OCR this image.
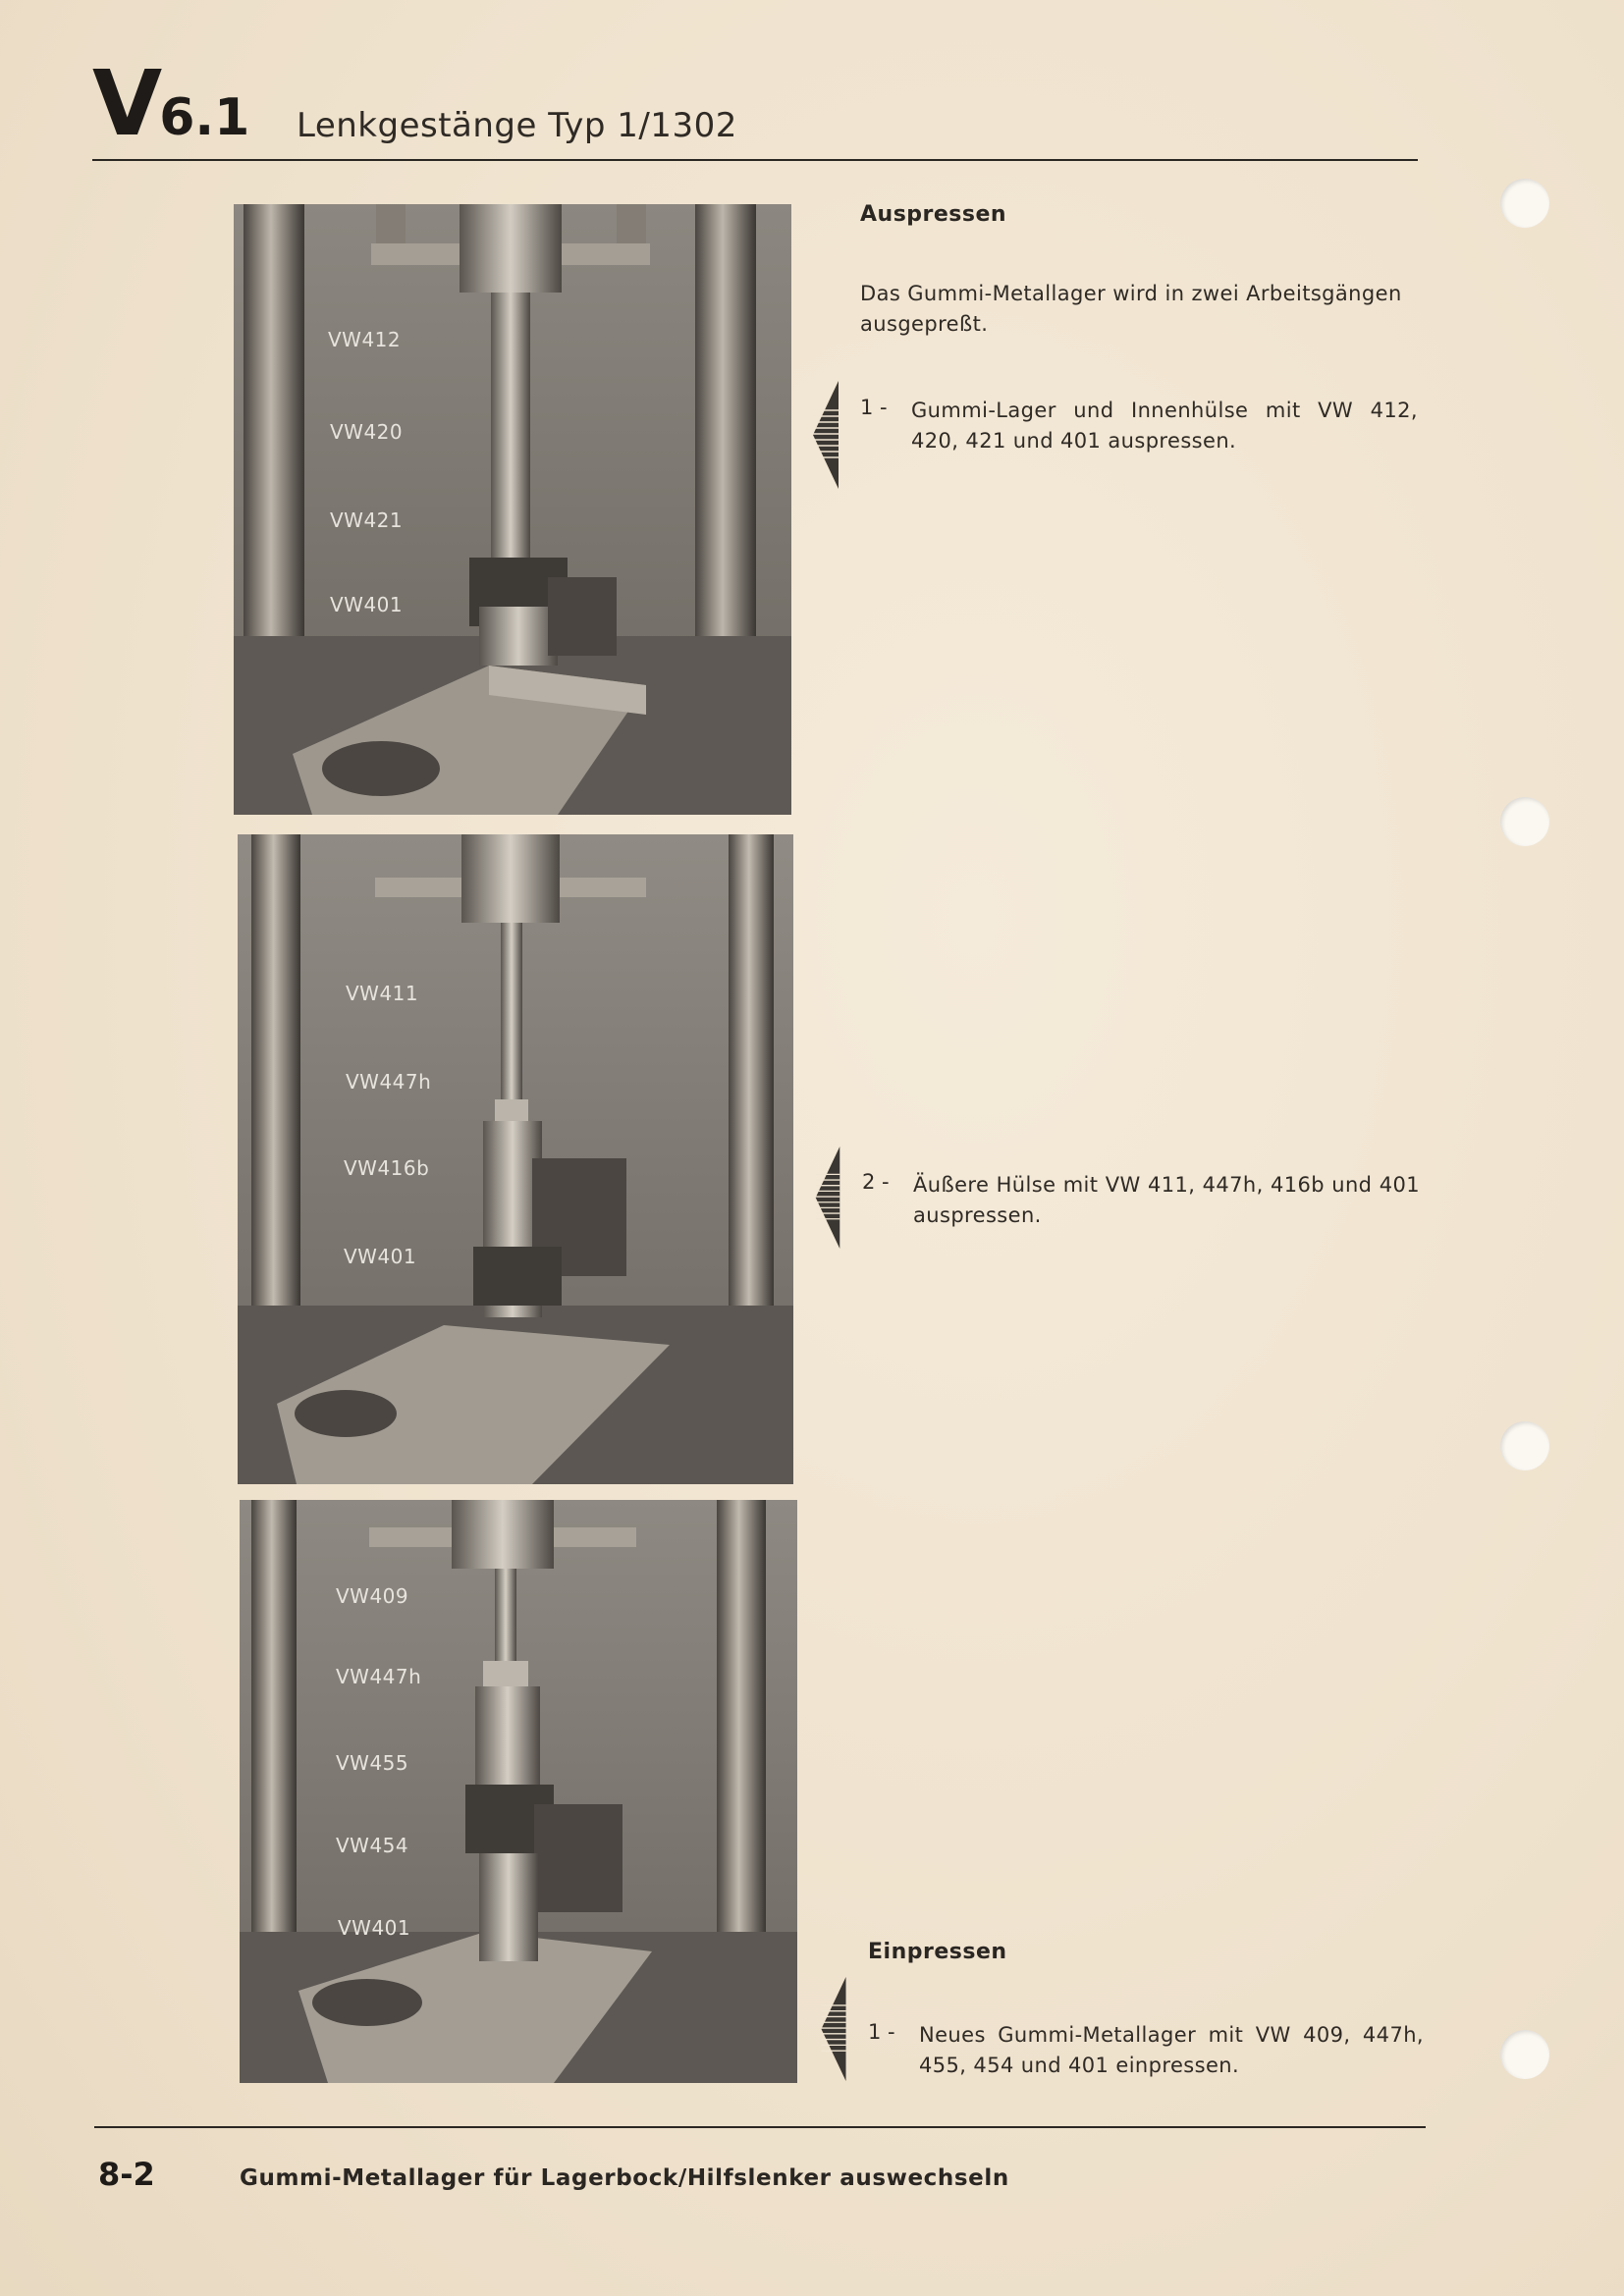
V 6.1 Lenkgestänge Typ 1/1302
VW412
VW420
VW421
VW401
VW411
VW447h
VW416b
VW401
VW409
VW447h
VW455
VW454
VW401
Auspressen
Das Gummi-Metallager wird in zwei Arbeitsgängen ausgepreßt.
1 -	Gummi-Lager und Innenhülse mit VW 412, 420, 421 und 401 auspressen.
2 -	Äußere Hülse mit VW 411, 447h, 416b und 401 auspressen.
Einpressen
1 -	Neues Gummi-Metallager mit VW 409, 447h, 455, 454 und 401 einpressen.
8-2	Gummi-Metallager für Lagerbock/Hilfslenker auswechseln
